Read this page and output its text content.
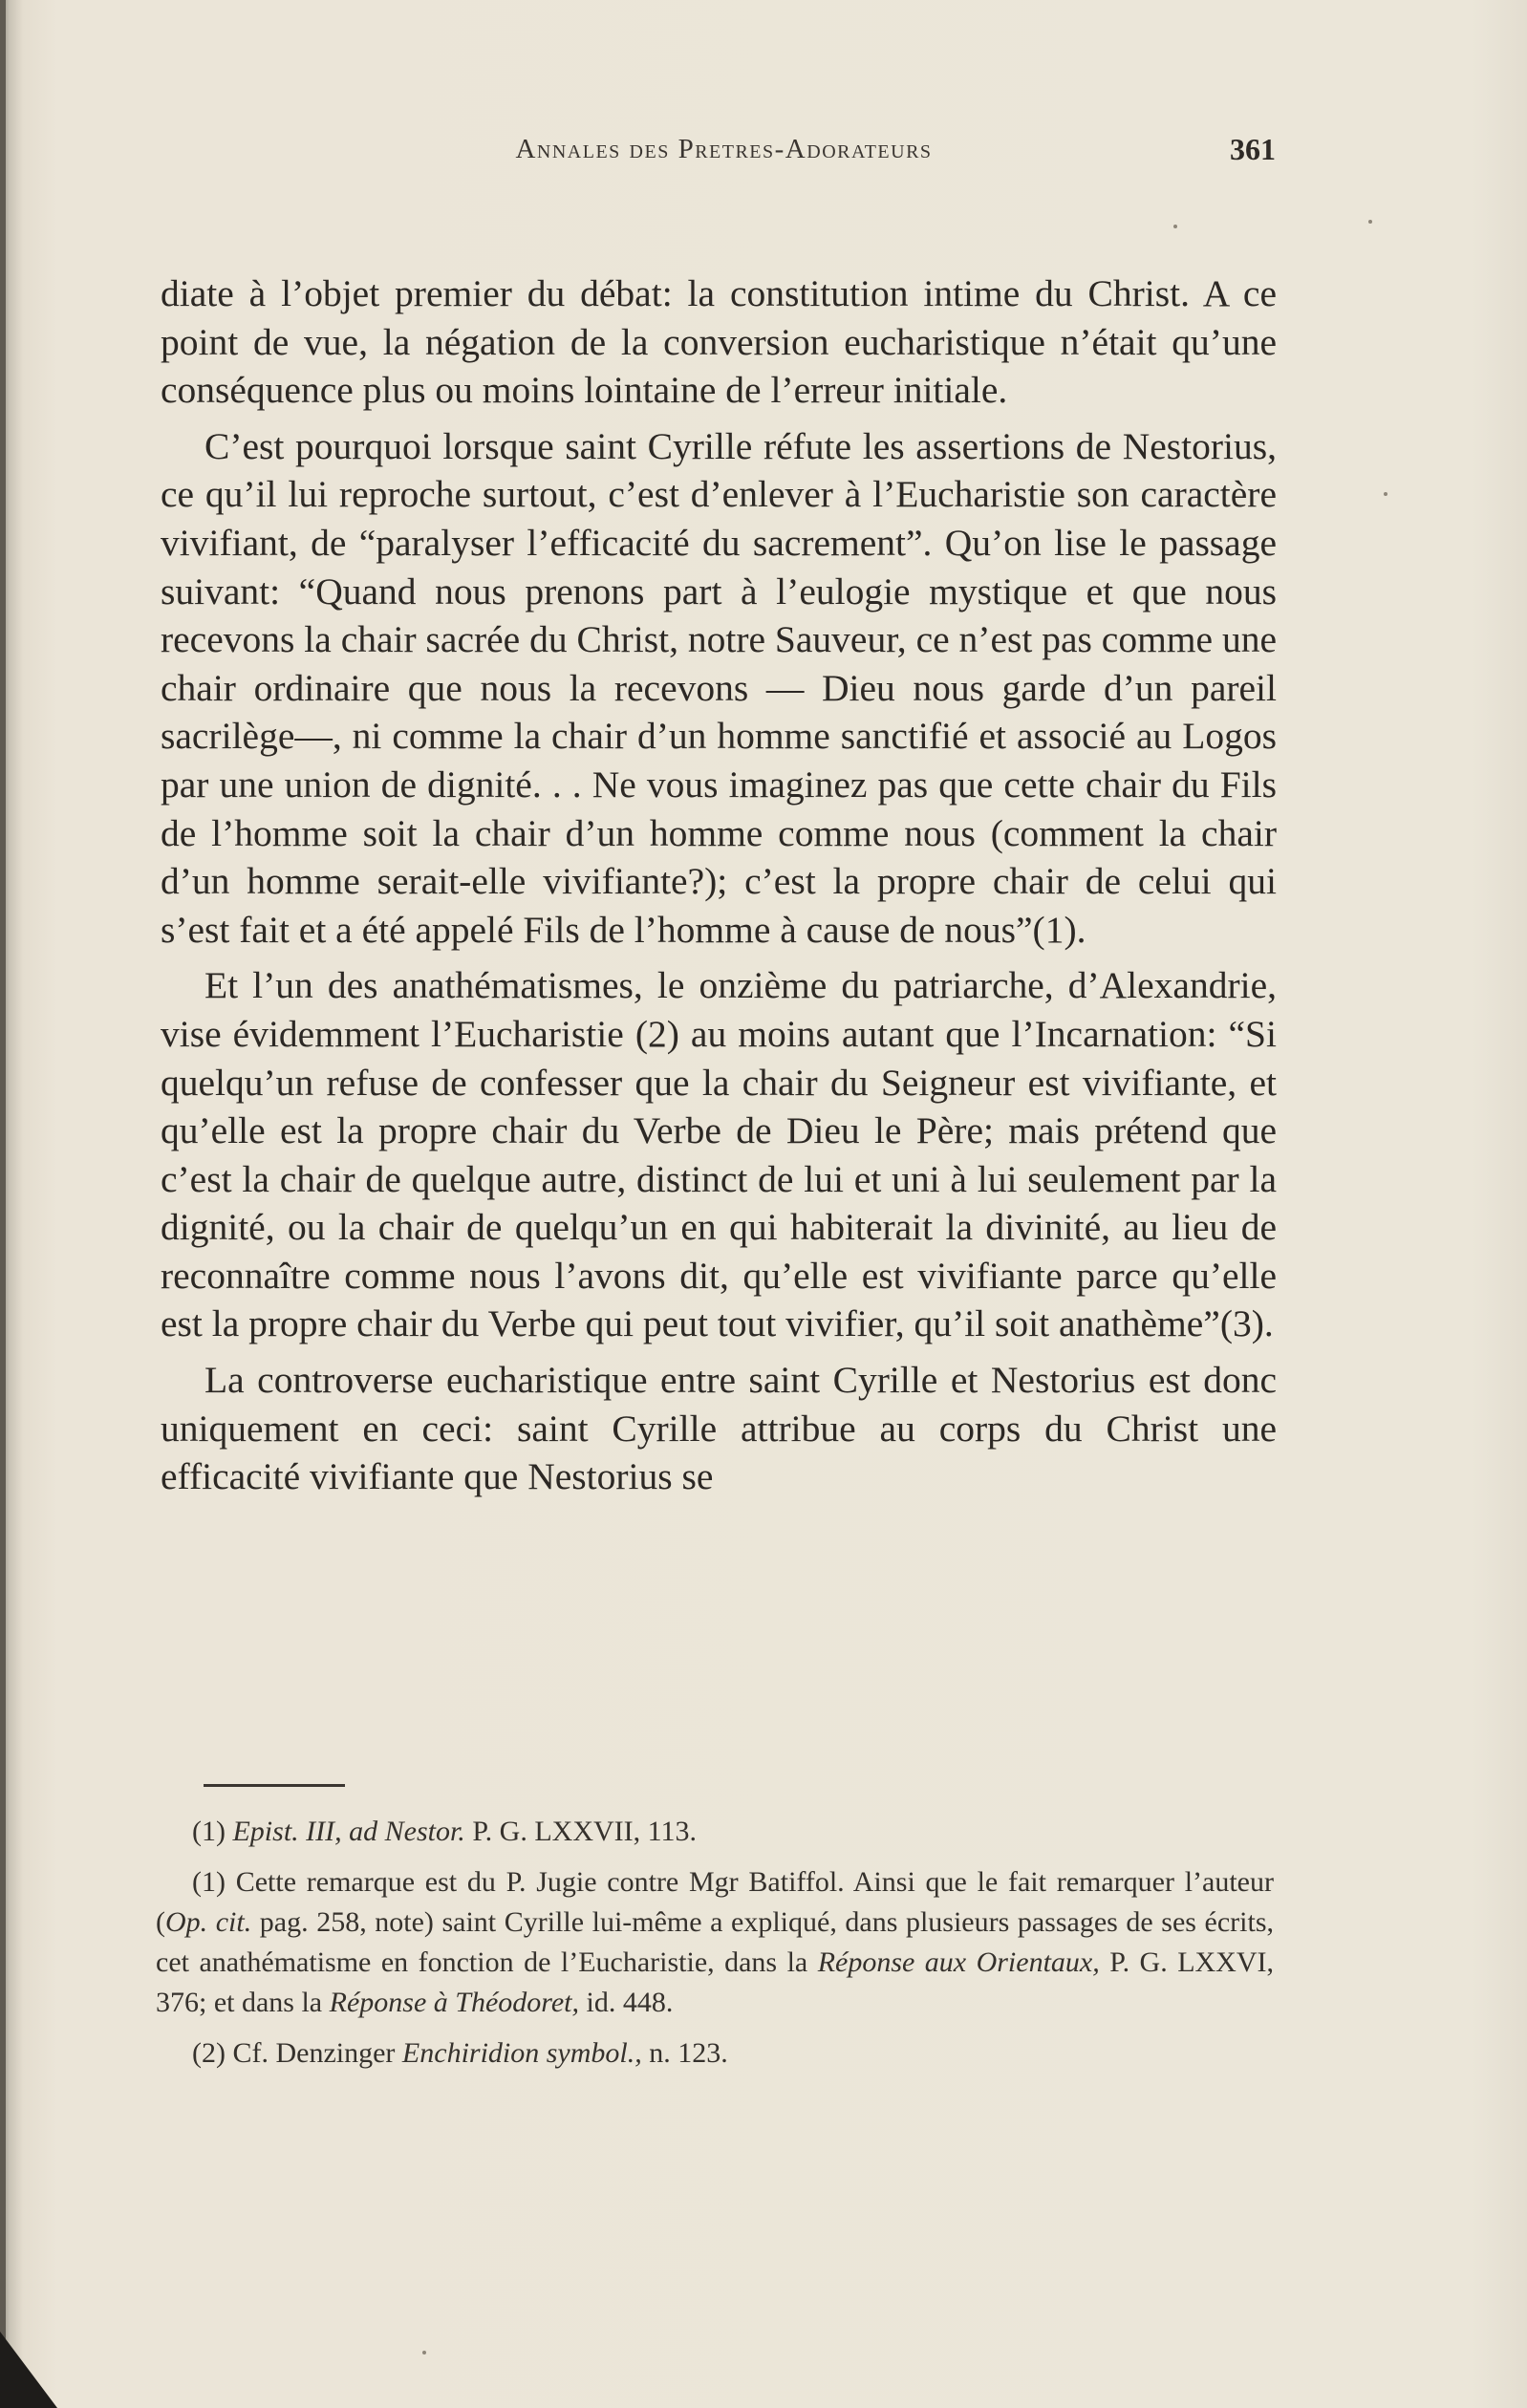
Annales des Pretres-Adorateurs	361

diate à l’objet premier du débat: la constitution intime du Christ. A ce point de vue, la négation de la conversion eucharistique n’était qu’une conséquence plus ou moins lointaine de l’erreur initiale.

C’est pourquoi lorsque saint Cyrille réfute les assertions de Nestorius, ce qu’il lui reproche surtout, c’est d’enlever à l’Eucharistie son caractère vivifiant, de “paralyser l’efficacité du sacrement”. Qu’on lise le passage suivant: “Quand nous prenons part à l’eulogie mystique et que nous recevons la chair sacrée du Christ, notre Sauveur, ce n’est pas comme une chair ordinaire que nous la recevons — Dieu nous garde d’un pareil sacrilège—, ni comme la chair d’un homme sanctifié et associé au Logos par une union de dignité. . . Ne vous imaginez pas que cette chair du Fils de l’homme soit la chair d’un homme comme nous (comment la chair d’un homme serait-elle vivifiante?); c’est la propre chair de celui qui s’est fait et a été appelé Fils de l’homme à cause de nous”(1).

Et l’un des anathématismes, le onzième du patriarche, d’Alexandrie, vise évidemment l’Eucharistie (2) au moins autant que l’Incarnation: “Si quelqu’un refuse de confesser que la chair du Seigneur est vivifiante, et qu’elle est la propre chair du Verbe de Dieu le Père; mais prétend que c’est la chair de quelque autre, distinct de lui et uni à lui seulement par la dignité, ou la chair de quelqu’un en qui habiterait la divinité, au lieu de reconnaître comme nous l’avons dit, qu’elle est vivifiante parce qu’elle est la propre chair du Verbe qui peut tout vivifier, qu’il soit anathème”(3).

La controverse eucharistique entre saint Cyrille et Nestorius est donc uniquement en ceci: saint Cyrille attribue au corps du Christ une efficacité vivifiante que Nestorius se

(1) Epist. III, ad Nestor. P. G. LXXVII, 113.

(1) Cette remarque est du P. Jugie contre Mgr Batiffol. Ainsi que le fait remarquer l’auteur (Op. cit. pag. 258, note) saint Cyrille lui-même a expliqué, dans plusieurs passages de ses écrits, cet anathématisme en fonction de l’Eucharistie, dans la Réponse aux Orientaux, P. G. LXXVI, 376; et dans la Réponse à Théodoret, id. 448.

(2) Cf. Denzinger Enchiridion symbol., n. 123.
